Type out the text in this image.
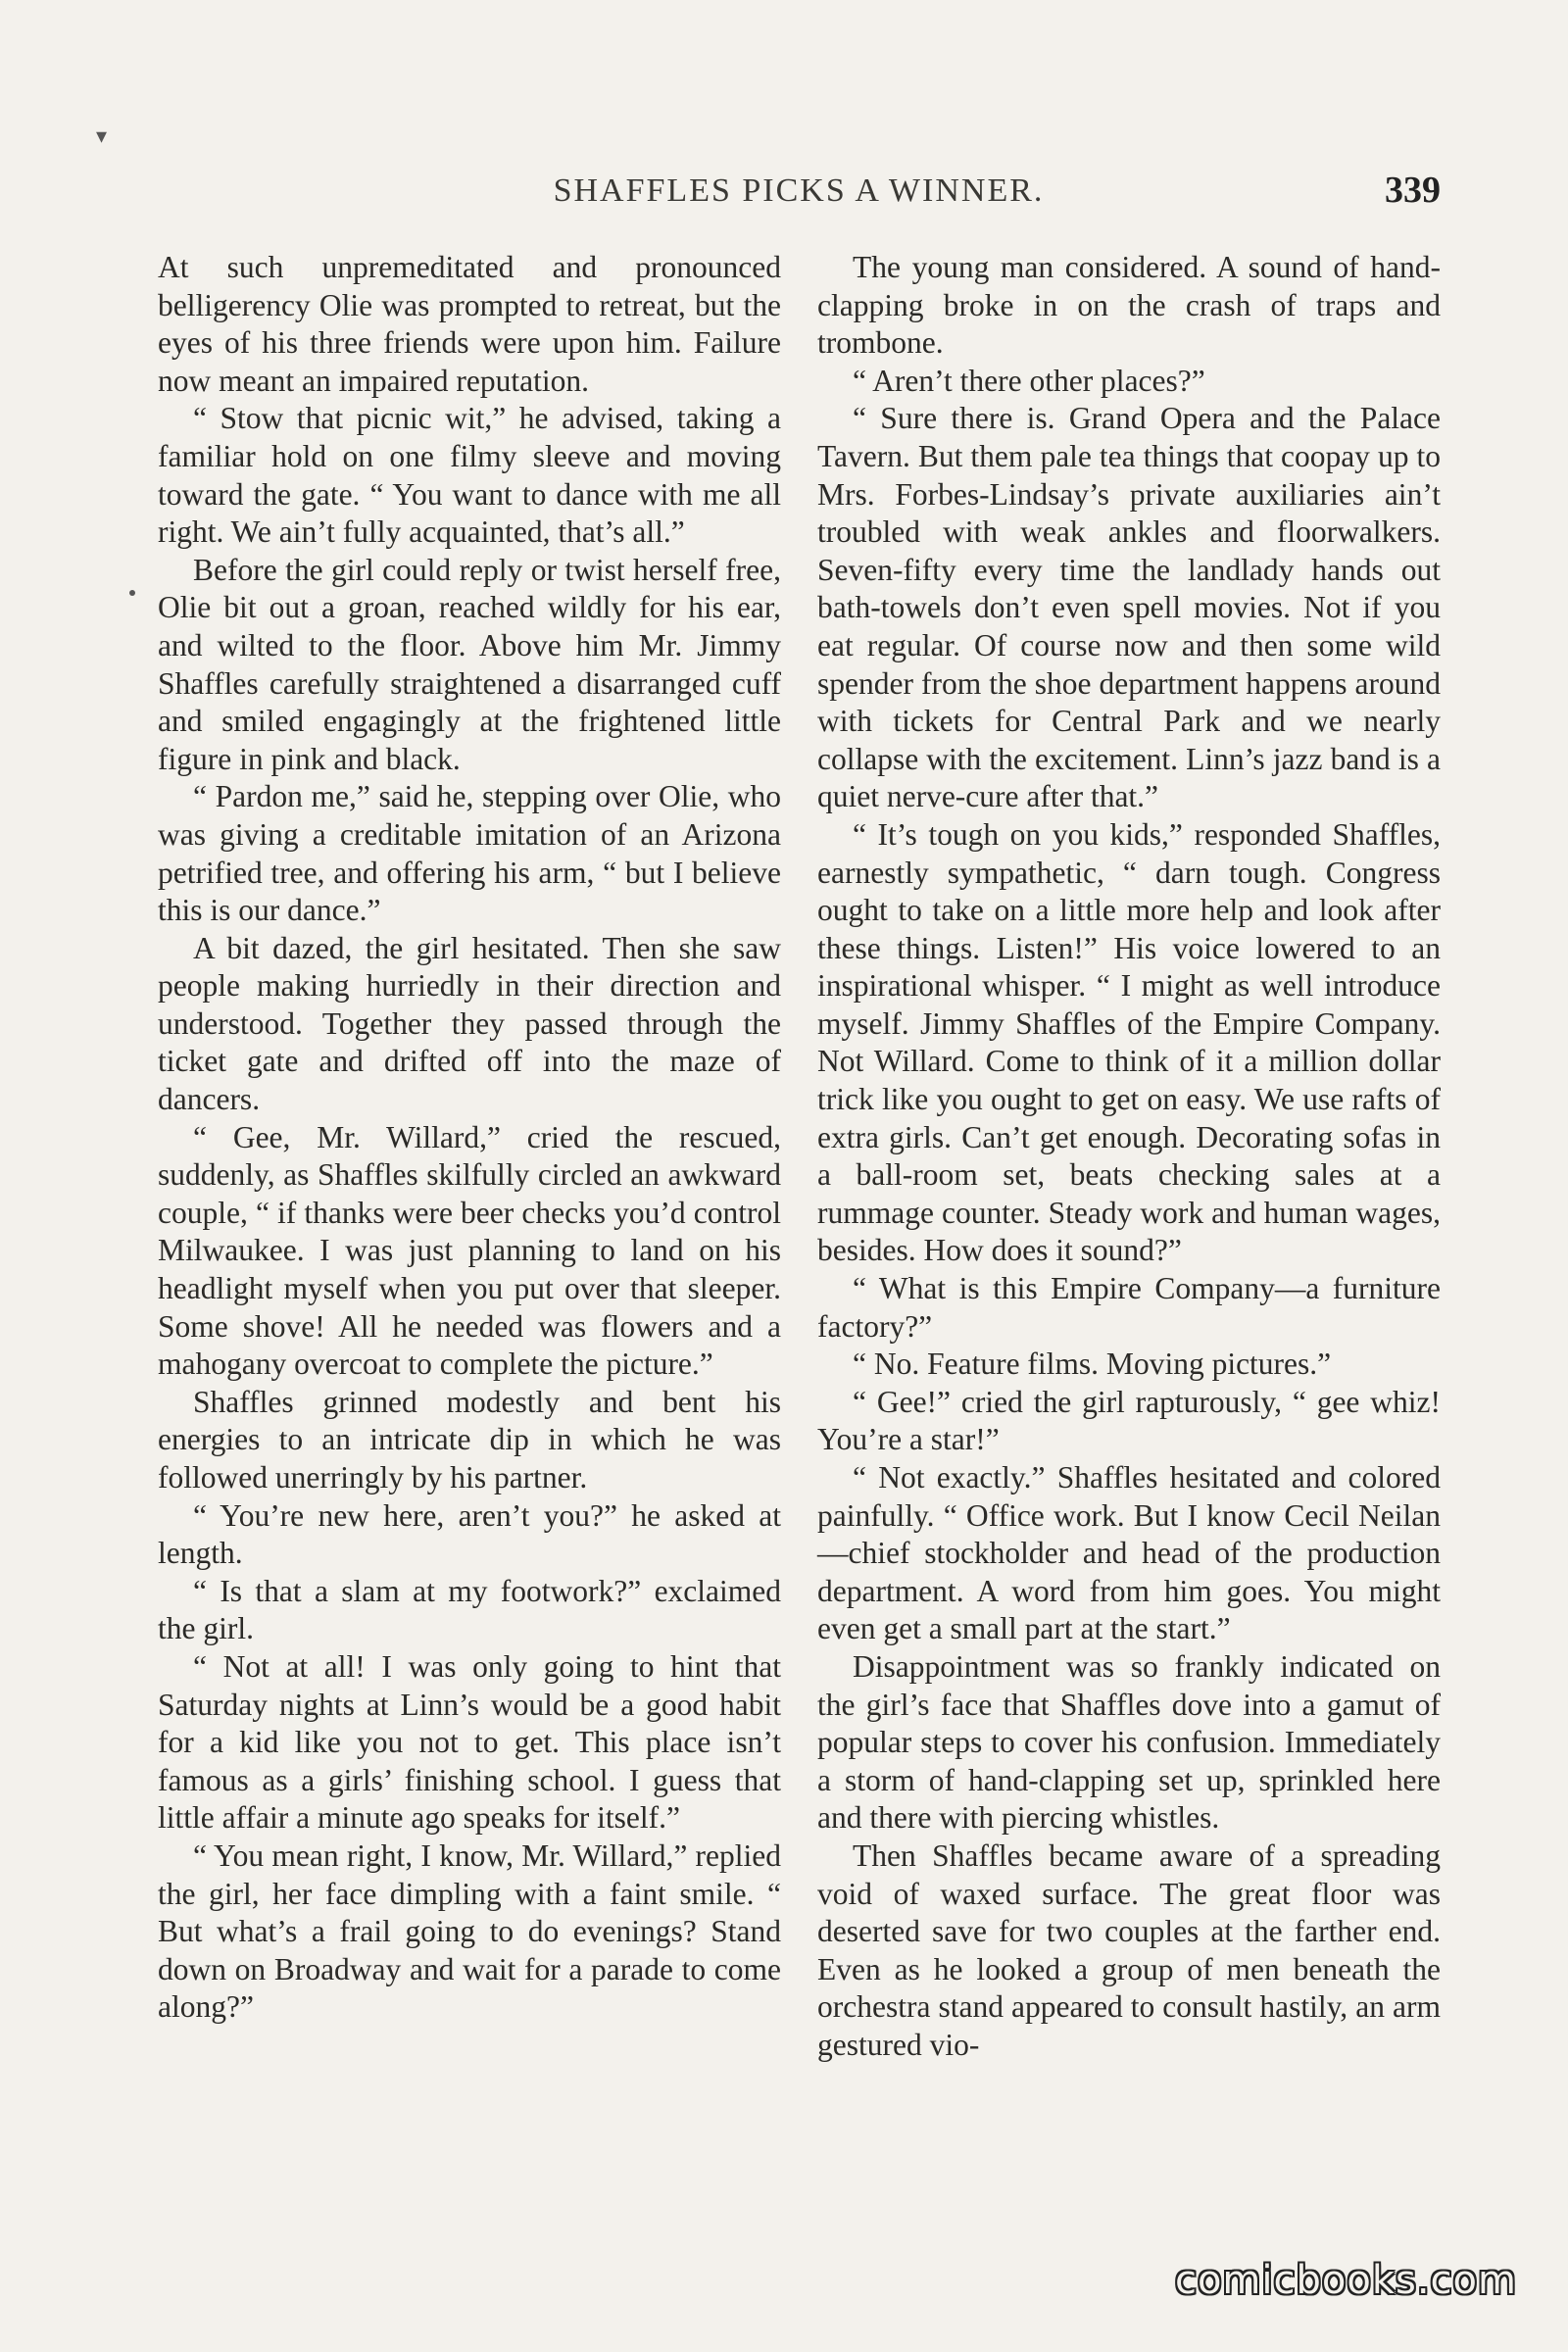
SHAFFLES PICKS A WINNER.	339
▾

At such unpremeditated and pronounced belligerency Olie was prompted to retreat, but the eyes of his three friends were upon him. Failure now meant an impaired reputation.

“ Stow that picnic wit,” he advised, taking a familiar hold on one filmy sleeve and moving toward the gate. “ You want to dance with me all right. We ain’t fully acquainted, that’s all.”

Before the girl could reply or twist herself free, Olie bit out a groan, reached wildly for his ear, and wilted to the floor. Above him Mr. Jimmy Shaffles carefully straightened a disarranged cuff and smiled engagingly at the frightened little figure in pink and black.

“ Pardon me,” said he, stepping over Olie, who was giving a creditable imitation of an Arizona petrified tree, and offering his arm, “ but I believe this is our dance.”

A bit dazed, the girl hesitated. Then she saw people making hurriedly in their direction and understood. Together they passed through the ticket gate and drifted off into the maze of dancers.

“ Gee, Mr. Willard,” cried the rescued, suddenly, as Shaffles skilfully circled an awkward couple, “ if thanks were beer checks you’d control Milwaukee. I was just planning to land on his headlight myself when you put over that sleeper. Some shove! All he needed was flowers and a mahogany overcoat to complete the picture.”

Shaffles grinned modestly and bent his energies to an intricate dip in which he was followed unerringly by his partner.

“ You’re new here, aren’t you?” he asked at length.

“ Is that a slam at my footwork?” exclaimed the girl.

“ Not at all! I was only going to hint that Saturday nights at Linn’s would be a good habit for a kid like you not to get. This place isn’t famous as a girls’ finishing school. I guess that little affair a minute ago speaks for itself.”

“ You mean right, I know, Mr. Willard,” replied the girl, her face dimpling with a faint smile. “ But what’s a frail going to do evenings? Stand down on Broadway and wait for a parade to come along?”

The young man considered. A sound of hand-clapping broke in on the crash of traps and trombone.

“ Aren’t there other places?”

“ Sure there is. Grand Opera and the Palace Tavern. But them pale tea things that coopay up to Mrs. Forbes-Lindsay’s private auxiliaries ain’t troubled with weak ankles and floorwalkers. Seven-fifty every time the landlady hands out bath-towels don’t even spell movies. Not if you eat regular. Of course now and then some wild spender from the shoe department happens around with tickets for Central Park and we nearly collapse with the excitement. Linn’s jazz band is a quiet nerve-cure after that.”

“ It’s tough on you kids,” responded Shaffles, earnestly sympathetic, “ darn tough. Congress ought to take on a little more help and look after these things. Listen!” His voice lowered to an inspirational whisper. “ I might as well introduce myself. Jimmy Shaffles of the Empire Company. Not Willard. Come to think of it a million dollar trick like you ought to get on easy. We use rafts of extra girls. Can’t get enough. Decorating sofas in a ball-room set, beats checking sales at a rummage counter. Steady work and human wages, besides. How does it sound?”

“ What is this Empire Company—a furniture factory?”

“ No. Feature films. Moving pictures.”

“ Gee!” cried the girl rapturously, “ gee whiz! You’re a star!”

“ Not exactly.” Shaffles hesitated and colored painfully. “ Office work. But I know Cecil Neilan—chief stockholder and head of the production department. A word from him goes. You might even get a small part at the start.”

Disappointment was so frankly indicated on the girl’s face that Shaffles dove into a gamut of popular steps to cover his confusion. Immediately a storm of hand-clapping set up, sprinkled here and there with piercing whistles.

Then Shaffles became aware of a spreading void of waxed surface. The great floor was deserted save for two couples at the farther end. Even as he looked a group of men beneath the orchestra stand appeared to consult hastily, an arm gestured vio-

comicbooks.com
